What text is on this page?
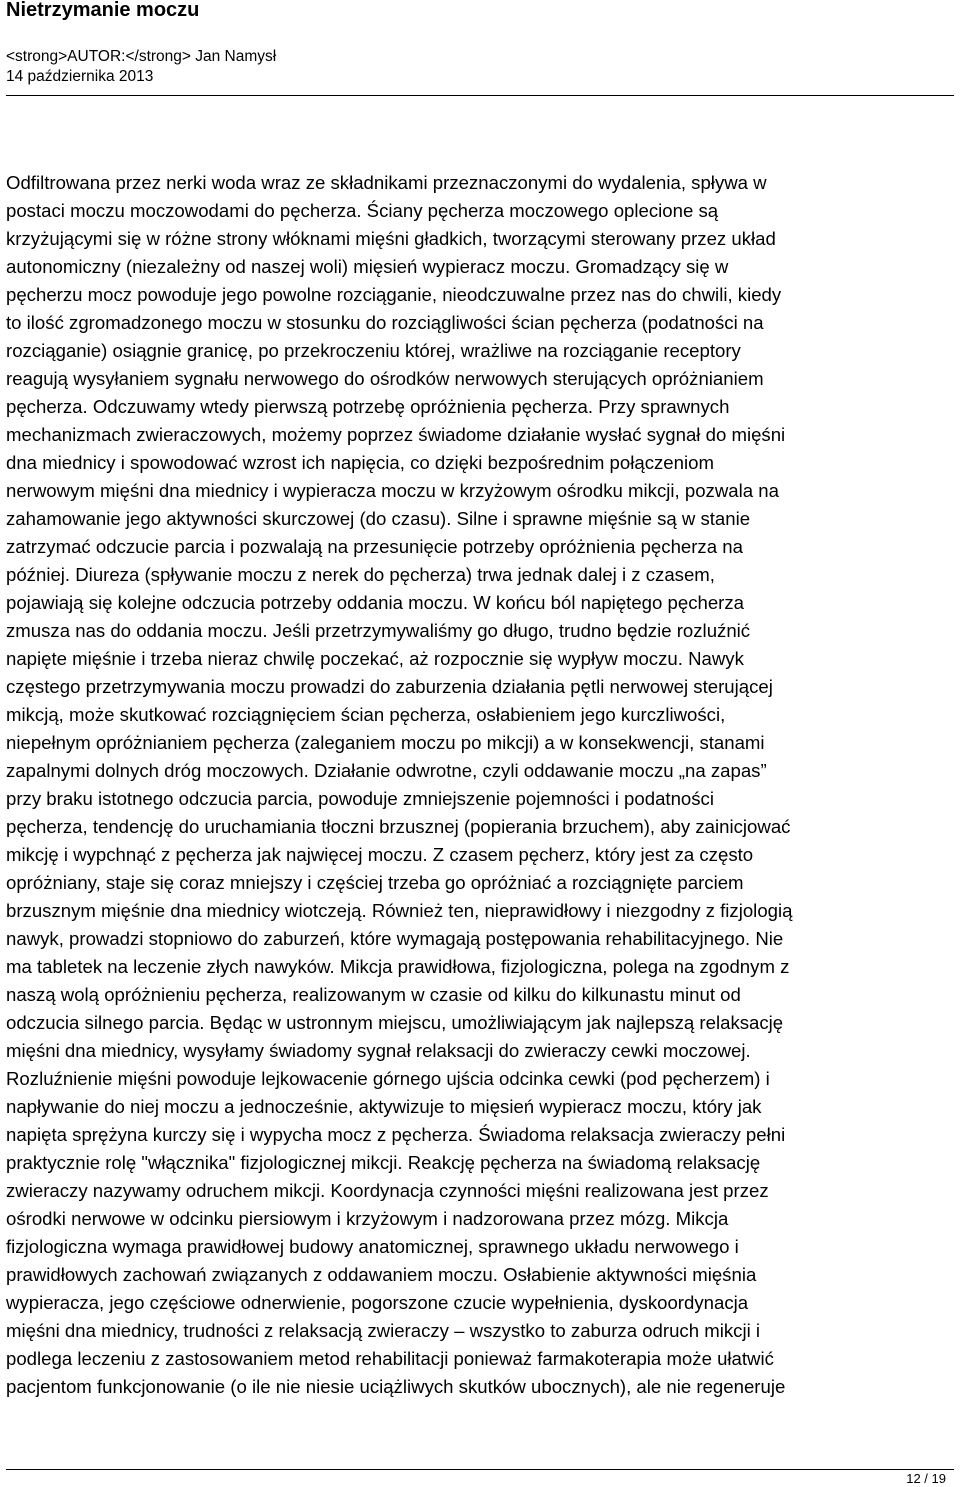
Nietrzymanie moczu

<strong>AUTOR:</strong> Jan Namysł

14 października 2013

Odfiltrowana przez nerki woda wraz ze składnikami przeznaczonymi do wydalenia, spływa w
postaci moczu moczowodami do pęcherza. Ściany pęcherza moczowego oplecione są
krzyżującymi się w różne strony włóknami mięśni gładkich, tworzącymi sterowany przez układ
autonomiczny (niezależny od naszej woli) mięsień wypieracz moczu. Gromadzący się w
pęcherzu mocz powoduje jego powolne rozciąganie, nieodczuwalne przez nas do chwili, kiedy
to ilość zgromadzonego moczu w stosunku do rozciągliwości ścian pęcherza (podatności na
rozciąganie) osiągnie granicę, po przekroczeniu której, wrażliwe na rozciąganie receptory
reagują wysyłaniem sygnału nerwowego do ośrodków nerwowych sterujących opróżnianiem
pęcherza. Odczuwamy wtedy pierwszą potrzebę opróżnienia pęcherza. Przy sprawnych
mechanizmach zwieraczowych, możemy poprzez świadome działanie wysłać sygnał do mięśni
dna miednicy i spowodować wzrost ich napięcia, co dzięki bezpośrednim połączeniom
nerwowym mięśni dna miednicy i wypieracza moczu w krzyżowym ośrodku mikcji, pozwala na
zahamowanie jego aktywności skurczowej (do czasu). Silne i sprawne mięśnie są w stanie
zatrzymać odczucie parcia i pozwalają na przesunięcie potrzeby opróżnienia pęcherza na
później. Diureza (spływanie moczu z nerek do pęcherza) trwa jednak dalej i z czasem,
pojawiają się kolejne odczucia potrzeby oddania moczu. W końcu ból napiętego pęcherza
zmusza nas do oddania moczu. Jeśli przetrzymywaliśmy go długo, trudno będzie rozluźnić
napięte mięśnie i trzeba nieraz chwilę poczekać, aż rozpocznie się wypływ moczu. Nawyk
częstego przetrzymywania moczu prowadzi do zaburzenia działania pętli nerwowej sterującej
mikcją, może skutkować rozciągnięciem ścian pęcherza, osłabieniem jego kurczliwości,
niepełnym opróżnianiem pęcherza (zaleganiem moczu po mikcji) a w konsekwencji, stanami
zapalnymi dolnych dróg moczowych. Działanie odwrotne, czyli oddawanie moczu „na zapas”
przy braku istotnego odczucia parcia, powoduje zmniejszenie pojemności i podatności
pęcherza, tendencję do uruchamiania tłoczni brzusznej (popierania brzuchem), aby zainicjować
mikcję i wypchnąć z pęcherza jak najwięcej moczu. Z czasem pęcherz, który jest za często
opróżniany, staje się coraz mniejszy i częściej trzeba go opróżniać a rozciągnięte parciem
brzusznym mięśnie dna miednicy wiotczeją. Również ten, nieprawidłowy i niezgodny z fizjologią
nawyk, prowadzi stopniowo do zaburzeń, które wymagają postępowania rehabilitacyjnego. Nie
ma tabletek na leczenie złych nawyków. Mikcja prawidłowa, fizjologiczna, polega na zgodnym z
naszą wolą opróżnieniu pęcherza, realizowanym w czasie od kilku do kilkunastu minut od
odczucia silnego parcia. Będąc w ustronnym miejscu, umożliwiającym jak najlepszą relaksację
mięśni dna miednicy, wysyłamy świadomy sygnał relaksacji do zwieraczy cewki moczowej.
Rozluźnienie mięśni powoduje lejkowacenie górnego ujścia odcinka cewki (pod pęcherzem) i
napływanie do niej moczu a jednocześnie, aktywizuje to mięsień wypieracz moczu, który jak
napięta sprężyna kurczy się i wypycha mocz z pęcherza. Świadoma relaksacja zwieraczy pełni
praktycznie rolę "włącznika" fizjologicznej mikcji. Reakcję pęcherza na świadomą relaksację
zwieraczy nazywamy odruchem mikcji. Koordynacja czynności mięśni realizowana jest przez
ośrodki nerwowe w odcinku piersiowym i krzyżowym i nadzorowana przez mózg. Mikcja
fizjologiczna wymaga prawidłowej budowy anatomicznej, sprawnego układu nerwowego i
prawidłowych zachowań związanych z oddawaniem moczu. Osłabienie aktywności mięśnia
wypieracza, jego częściowe odnerwienie, pogorszone czucie wypełnienia, dyskoordynacja
mięśni dna miednicy, trudności z relaksacją zwieraczy – wszystko to zaburza odruch mikcji i
podlega leczeniu z zastosowaniem metod rehabilitacji ponieważ farmakoterapia może ułatwić
pacjentom funkcjonowanie (o ile nie niesie uciążliwych skutków ubocznych), ale nie regeneruje
12 / 19
